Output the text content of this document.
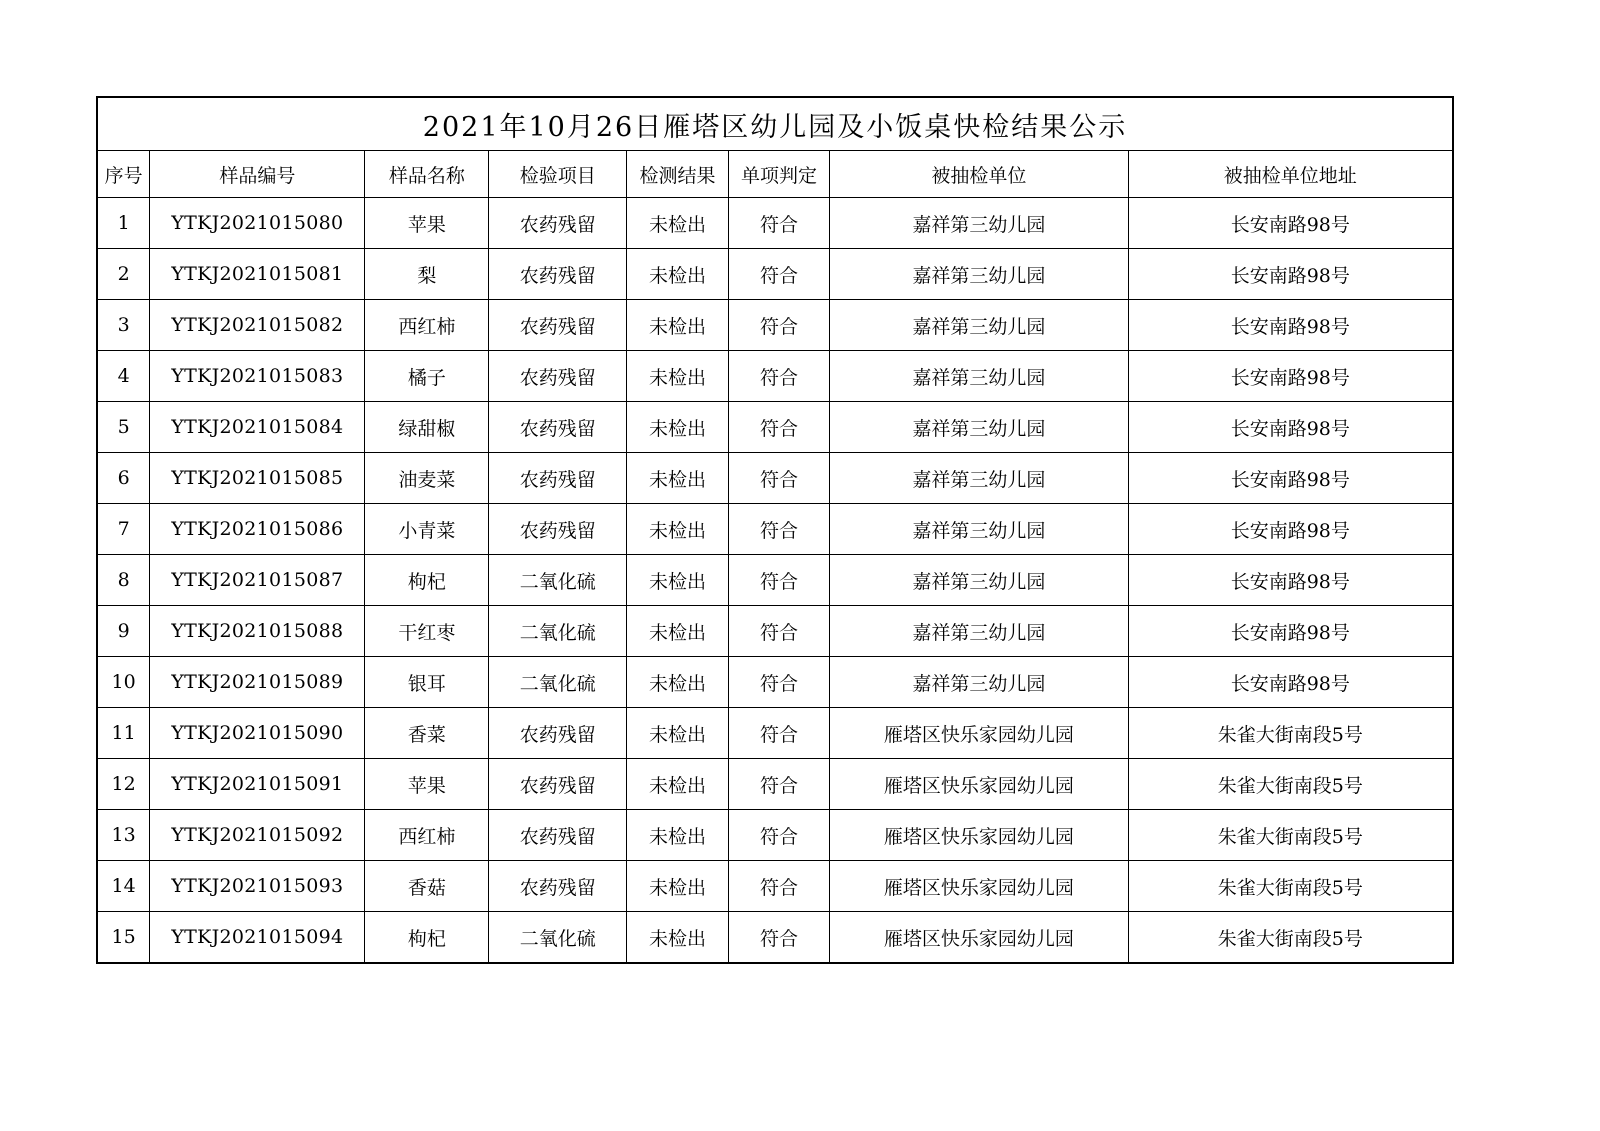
2021年10月26日雁塔区幼儿园及小饭桌快检结果公示							
序号	样品编号	样品名称	检验项目	检测结果	单项判定	被抽检单位	被抽检单位地址
1	YTKJ2021015080	苹果	农药残留	未检出	符合	嘉祥第三幼儿园	长安南路98号
2	YTKJ2021015081	梨	农药残留	未检出	符合	嘉祥第三幼儿园	长安南路98号
3	YTKJ2021015082	西红柿	农药残留	未检出	符合	嘉祥第三幼儿园	长安南路98号
4	YTKJ2021015083	橘子	农药残留	未检出	符合	嘉祥第三幼儿园	长安南路98号
5	YTKJ2021015084	绿甜椒	农药残留	未检出	符合	嘉祥第三幼儿园	长安南路98号
6	YTKJ2021015085	油麦菜	农药残留	未检出	符合	嘉祥第三幼儿园	长安南路98号
7	YTKJ2021015086	小青菜	农药残留	未检出	符合	嘉祥第三幼儿园	长安南路98号
8	YTKJ2021015087	枸杞	二氧化硫	未检出	符合	嘉祥第三幼儿园	长安南路98号
9	YTKJ2021015088	干红枣	二氧化硫	未检出	符合	嘉祥第三幼儿园	长安南路98号
10	YTKJ2021015089	银耳	二氧化硫	未检出	符合	嘉祥第三幼儿园	长安南路98号
11	YTKJ2021015090	香菜	农药残留	未检出	符合	雁塔区快乐家园幼儿园	朱雀大街南段5号
12	YTKJ2021015091	苹果	农药残留	未检出	符合	雁塔区快乐家园幼儿园	朱雀大街南段5号
13	YTKJ2021015092	西红柿	农药残留	未检出	符合	雁塔区快乐家园幼儿园	朱雀大街南段5号
14	YTKJ2021015093	香菇	农药残留	未检出	符合	雁塔区快乐家园幼儿园	朱雀大街南段5号
15	YTKJ2021015094	枸杞	二氧化硫	未检出	符合	雁塔区快乐家园幼儿园	朱雀大街南段5号
